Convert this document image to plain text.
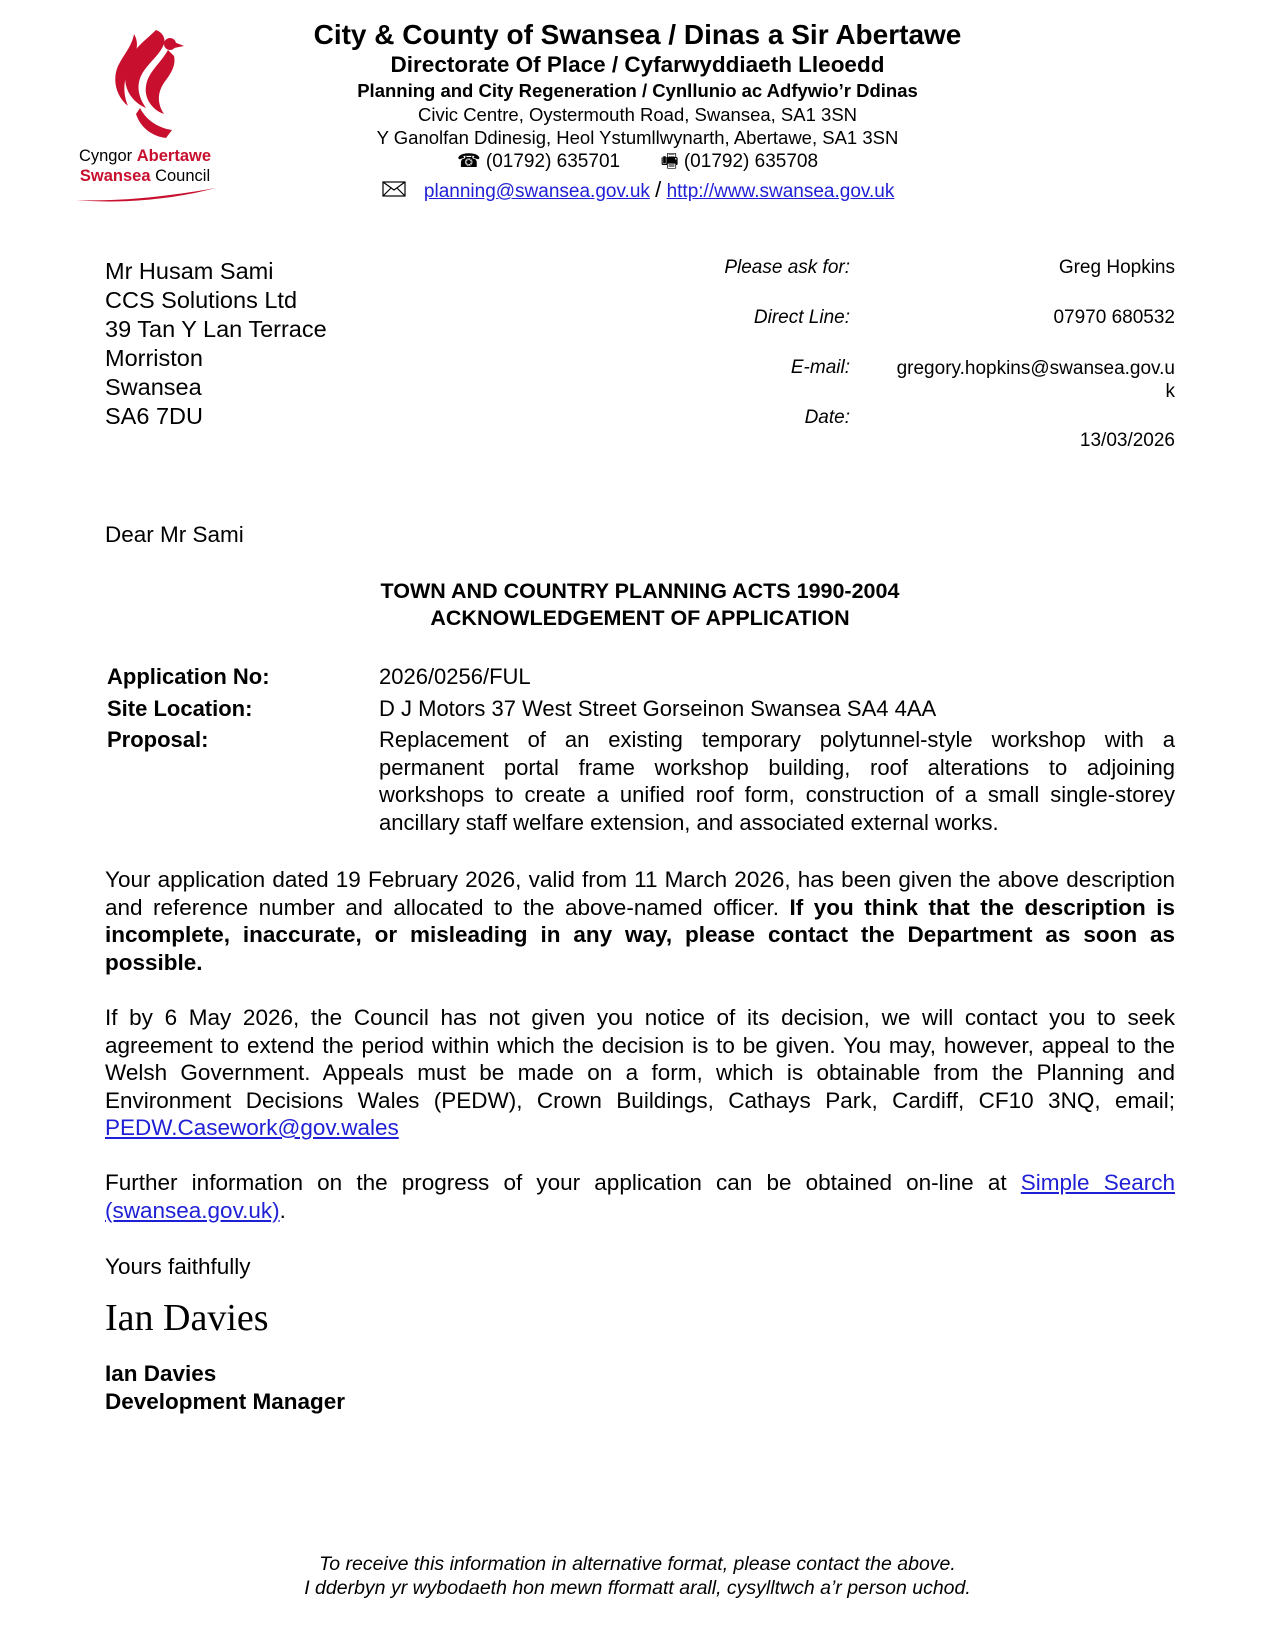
Cyngor Abertawe
Swansea Council
City & County of Swansea / Dinas a Sir Abertawe
Directorate Of Place / Cyfarwyddiaeth Lleoedd
Planning and City Regeneration / Cynllunio ac Adfywio’r Ddinas
Civic Centre, Oystermouth Road, Swansea, SA1 3SN
Y Ganolfan Ddinesig, Heol Ystumllwynarth, Abertawe, SA1 3SN
☎ (01792) 635701 🖷 (01792) 635708
planning@swansea.gov.uk / http://www.swansea.gov.uk
Mr Husam Sami
CCS Solutions Ltd
39 Tan Y Lan Terrace
Morriston
Swansea
SA6 7DU
Please ask for:	Greg Hopkins
Direct Line:	07970 680532
E-mail:	gregory.hopkins@swansea.gov.u
k
Date:
13/03/2026
Dear Mr Sami
TOWN AND COUNTRY PLANNING ACTS 1990-2004
ACKNOWLEDGEMENT OF APPLICATION
Application No:	2026/0256/FUL
Site Location:	D J Motors 37 West Street Gorseinon Swansea SA4 4AA
Proposal:	Replacement of an existing temporary polytunnel-style workshop with a permanent portal frame workshop building, roof alterations to adjoining workshops to create a unified roof form, construction of a small single-storey ancillary staff welfare extension, and associated external works.
Your application dated 19 February 2026, valid from 11 March 2026, has been given the above description and reference number and allocated to the above-named officer. If you think that the description is incomplete, inaccurate, or misleading in any way, please contact the Department as soon as possible.
If by 6 May 2026, the Council has not given you notice of its decision, we will contact you to seek agreement to extend the period within which the decision is to be given. You may, however, appeal to the Welsh Government. Appeals must be made on a form, which is obtainable from the Planning and Environment Decisions Wales (PEDW), Crown Buildings, Cathays Park, Cardiff, CF10 3NQ, email; PEDW.Casework@gov.wales
Further information on the progress of your application can be obtained on-line at Simple Search (swansea.gov.uk).
Yours faithfully
Ian Davies
Ian Davies
Development Manager
To receive this information in alternative format, please contact the above.
I dderbyn yr wybodaeth hon mewn fformatt arall, cysylltwch a’r person uchod.
